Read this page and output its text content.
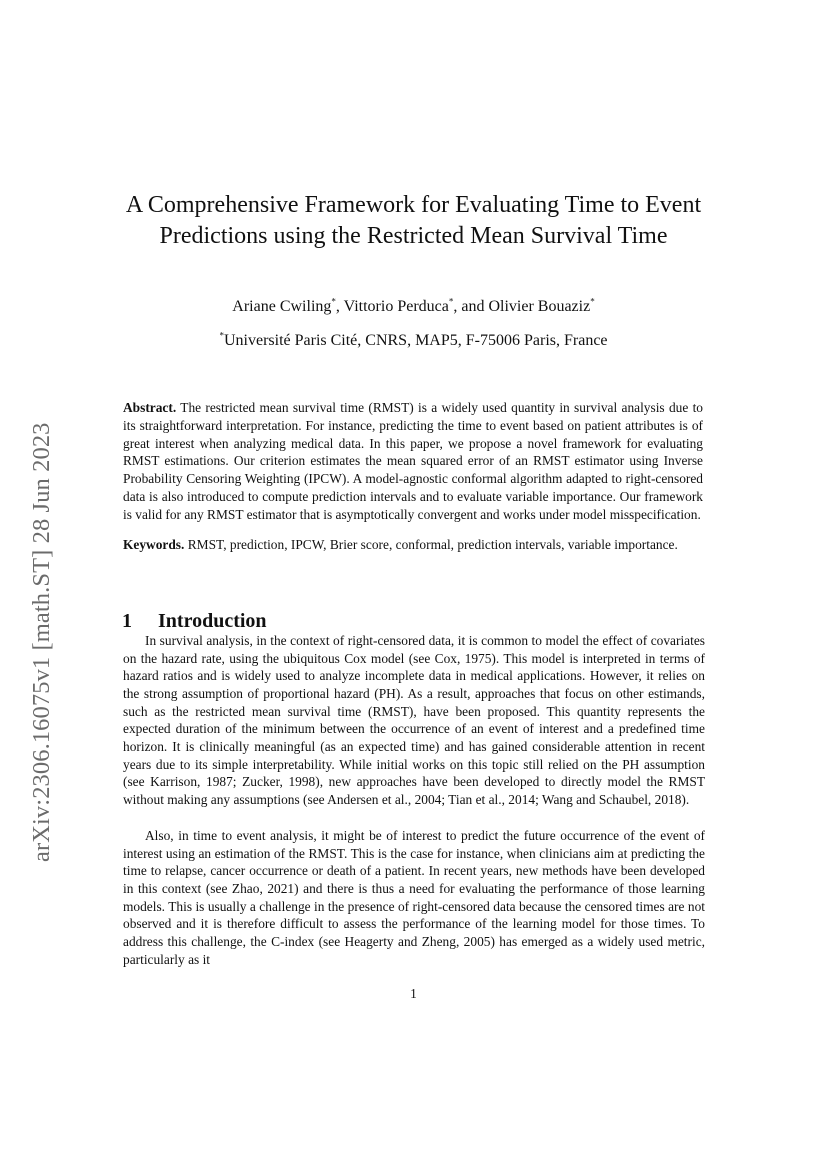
arXiv:2306.16075v1 [math.ST] 28 Jun 2023
A Comprehensive Framework for Evaluating Time to Event Predictions using the Restricted Mean Survival Time
Ariane Cwiling*, Vittorio Perduca*, and Olivier Bouaziz*
*Université Paris Cité, CNRS, MAP5, F-75006 Paris, France

Abstract. The restricted mean survival time (RMST) is a widely used quantity in survival analysis due to its straightforward interpretation. For instance, predicting the time to event based on patient attributes is of great interest when analyzing medical data. In this paper, we propose a novel framework for evaluating RMST estimations. Our criterion estimates the mean squared error of an RMST estimator using Inverse Probability Censoring Weighting (IPCW). A model-agnostic conformal algorithm adapted to right-censored data is also introduced to compute prediction intervals and to evaluate variable importance. Our framework is valid for any RMST estimator that is asymptotically convergent and works under model misspecification.

Keywords. RMST, prediction, IPCW, Brier score, conformal, prediction intervals, variable importance.

1 Introduction

In survival analysis, in the context of right-censored data, it is common to model the effect of covariates on the hazard rate, using the ubiquitous Cox model (see Cox, 1975). This model is interpreted in terms of hazard ratios and is widely used to analyze incomplete data in medical applications. However, it relies on the strong assumption of proportional hazard (PH). As a result, approaches that focus on other estimands, such as the restricted mean survival time (RMST), have been proposed. This quantity represents the expected duration of the minimum between the occurrence of an event of interest and a predefined time horizon. It is clinically meaningful (as an expected time) and has gained considerable attention in recent years due to its simple interpretability. While initial works on this topic still relied on the PH assumption (see Karrison, 1987; Zucker, 1998), new approaches have been developed to directly model the RMST without making any assumptions (see Andersen et al., 2004; Tian et al., 2014; Wang and Schaubel, 2018).

Also, in time to event analysis, it might be of interest to predict the future occurrence of the event of interest using an estimation of the RMST. This is the case for instance, when clinicians aim at predicting the time to relapse, cancer occurrence or death of a patient. In recent years, new methods have been developed in this context (see Zhao, 2021) and there is thus a need for evaluating the performance of those learning models. This is usually a challenge in the presence of right-censored data because the censored times are not observed and it is therefore difficult to assess the performance of the learning model for those times. To address this challenge, the C-index (see Heagerty and Zheng, 2005) has emerged as a widely used metric, particularly as it

1
